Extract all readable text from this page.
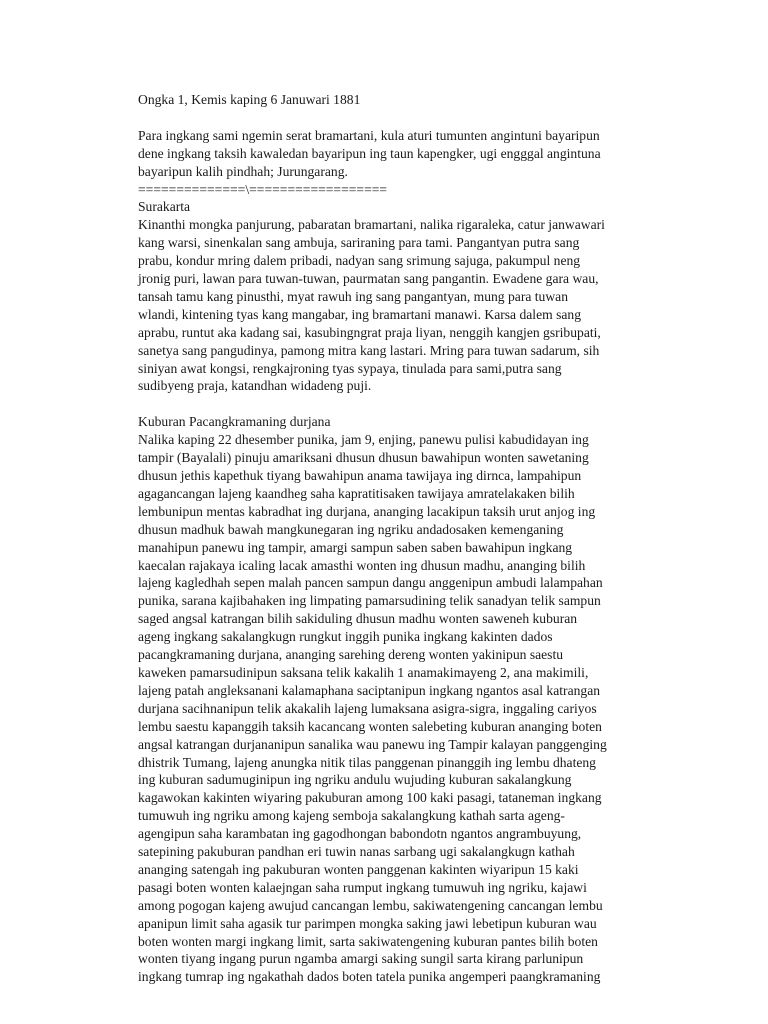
Ongka 1, Kemis kaping 6 Januwari 1881
Para ingkang sami ngemin serat bramartani, kula aturi tumunten angintuni bayaripun
dene ingkang taksih kawaledan bayaripun ing taun kapengker, ugi engggal angintuna
bayaripun kalih pindhah; Jurungarang.
==============\==================
Surakarta
Kinanthi mongka panjurung, pabaratan bramartani, nalika rigaraleka, catur janwawari
kang warsi, sinenkalan sang ambuja, sariraning para tami. Pangantyan putra sang
prabu, kondur mring dalem pribadi, nadyan sang srimung sajuga, pakumpul neng
jronig puri, lawan para tuwan-tuwan, paurmatan sang pangantin. Ewadene gara wau,
tansah tamu kang pinusthi, myat rawuh ing sang pangantyan, mung para tuwan
wlandi, kintening tyas kang mangabar, ing bramartani manawi. Karsa dalem sang
aprabu, runtut aka kadang sai, kasubingngrat praja liyan, nenggih kangjen gsribupati,
sanetya sang pangudinya, pamong mitra kang lastari. Mring para tuwan sadarum, sih
siniyan awat kongsi, rengkajroning tyas sypaya, tinulada para sami,putra sang
sudibyeng praja, katandhan widadeng puji.
Kuburan Pacangkramaning durjana
Nalika kaping 22 dhesember punika, jam 9, enjing, panewu pulisi kabudidayan ing
tampir (Bayalali) pinuju amariksani dhusun dhusun bawahipun wonten sawetaning
dhusun jethis kapethuk tiyang bawahipun anama tawijaya ing dirnca, lampahipun
agagancangan lajeng kaandheg saha kapratitisaken tawijaya amratelakaken bilih
lembunipun mentas kabradhat ing durjana, ananging lacakipun taksih urut anjog ing
dhusun madhuk bawah mangkunegaran ing ngriku andadosaken kemenganing
manahipun panewu ing tampir, amargi sampun saben saben bawahipun ingkang
kaecalan rajakaya icaling lacak amasthi wonten ing dhusun madhu, ananging bilih
lajeng kagledhah sepen malah pancen sampun dangu anggenipun ambudi lalampahan
punika, sarana kajibahaken ing limpating pamarsudining telik sanadyan telik sampun
saged angsal katrangan bilih sakiduling dhusun madhu wonten saweneh kuburan
ageng ingkang sakalangkugn rungkut inggih punika ingkang kakinten dados
pacangkramaning durjana, ananging sarehing dereng wonten yakinipun saestu
kaweken pamarsudinipun saksana telik kakalih 1 anamakimayeng 2, ana makimili,
lajeng patah angleksanani kalamaphana saciptanipun ingkang ngantos asal katrangan
durjana sacihnanipun telik akakalih lajeng lumaksana asigra-sigra, inggaling cariyos
lembu saestu kapanggih taksih kacancang wonten salebeting kuburan ananging boten
angsal katrangan durjananipun sanalika wau panewu ing Tampir kalayan panggenging
dhistrik Tumang, lajeng anungka nitik tilas panggenan pinanggih ing lembu dhateng
ing kuburan sadumuginipun ing ngriku andulu wujuding kuburan sakalangkung
kagawokan kakinten wiyaring pakuburan among 100 kaki pasagi, tataneman ingkang
tumuwuh ing ngriku among kajeng semboja sakalangkung kathah sarta ageng-
agengipun saha karambatan ing gagodhongan babondotn ngantos angrambuyung,
satepining pakuburan pandhan eri tuwin nanas sarbang ugi sakalangkugn kathah
ananging satengah ing pakuburan wonten panggenan kakinten wiyaripun 15 kaki
pasagi boten wonten kalaejngan saha rumput ingkang tumuwuh ing ngriku, kajawi
among pogogan kajeng awujud cancangan lembu, sakiwatengening cancangan lembu
apanipun limit saha agasik tur parimpen mongka saking jawi lebetipun kuburan wau
boten wonten margi ingkang limit, sarta sakiwatengening kuburan pantes bilih boten
wonten tiyang ingang purun ngamba amargi saking sungil sarta kirang parlunipun
ingkang tumrap ing ngakathah dados boten tatela punika angemperi paangkramaning
